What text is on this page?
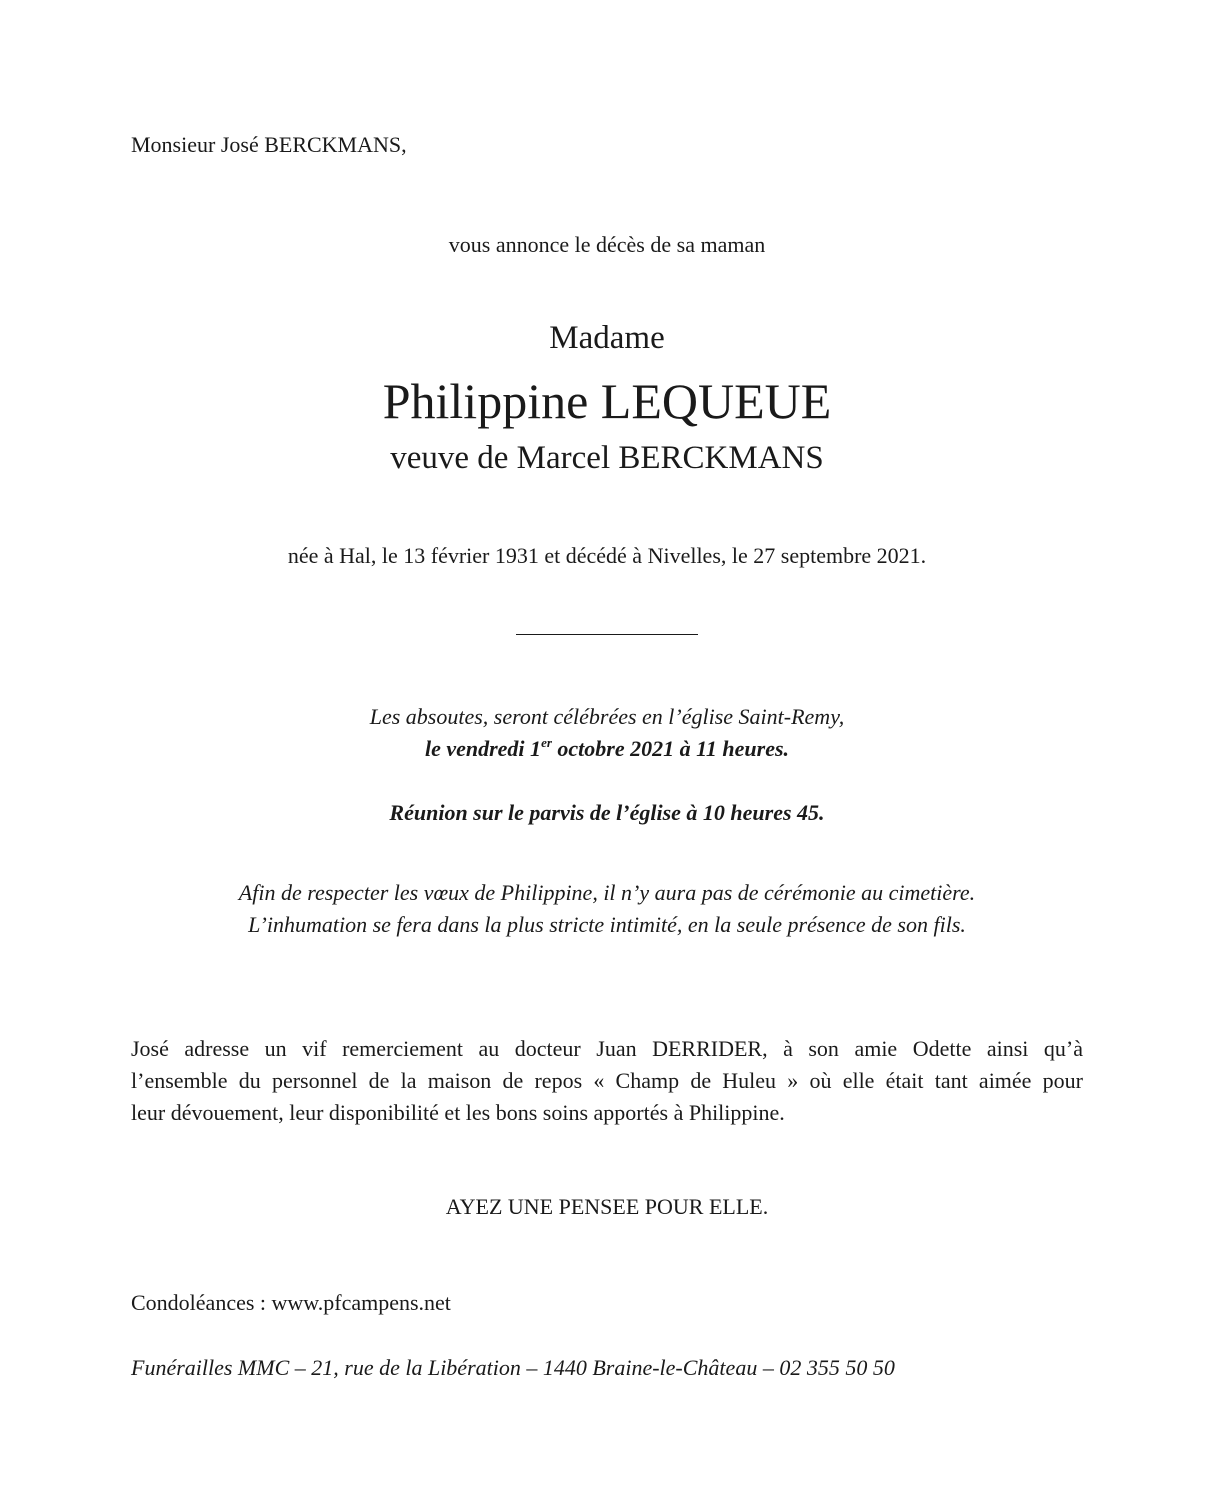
Monsieur José BERCKMANS,
vous annonce le décès de sa maman
Madame
Philippine LEQUEUE
veuve de Marcel BERCKMANS
née à Hal, le 13 février 1931 et décédé à Nivelles, le 27 septembre 2021.
Les absoutes, seront célébrées en l’église Saint-Remy,
le vendredi 1er octobre 2021 à 11 heures.
Réunion sur le parvis de l’église à 10 heures 45.
Afin de respecter les vœux de Philippine, il n’y aura pas de cérémonie au cimetière.
L’inhumation se fera dans la plus stricte intimité, en la seule présence de son fils.
José adresse un vif remerciement au docteur Juan DERRIDER, à son amie Odette ainsi qu’à
l’ensemble du personnel de la maison de repos « Champ de Huleu » où elle était tant aimée pour
leur dévouement, leur disponibilité et les bons soins apportés à Philippine.
AYEZ UNE PENSEE POUR ELLE.
Condoléances : www.pfcampens.net
Funérailles MMC – 21, rue de la Libération – 1440 Braine-le-Château – 02 355 50 50
